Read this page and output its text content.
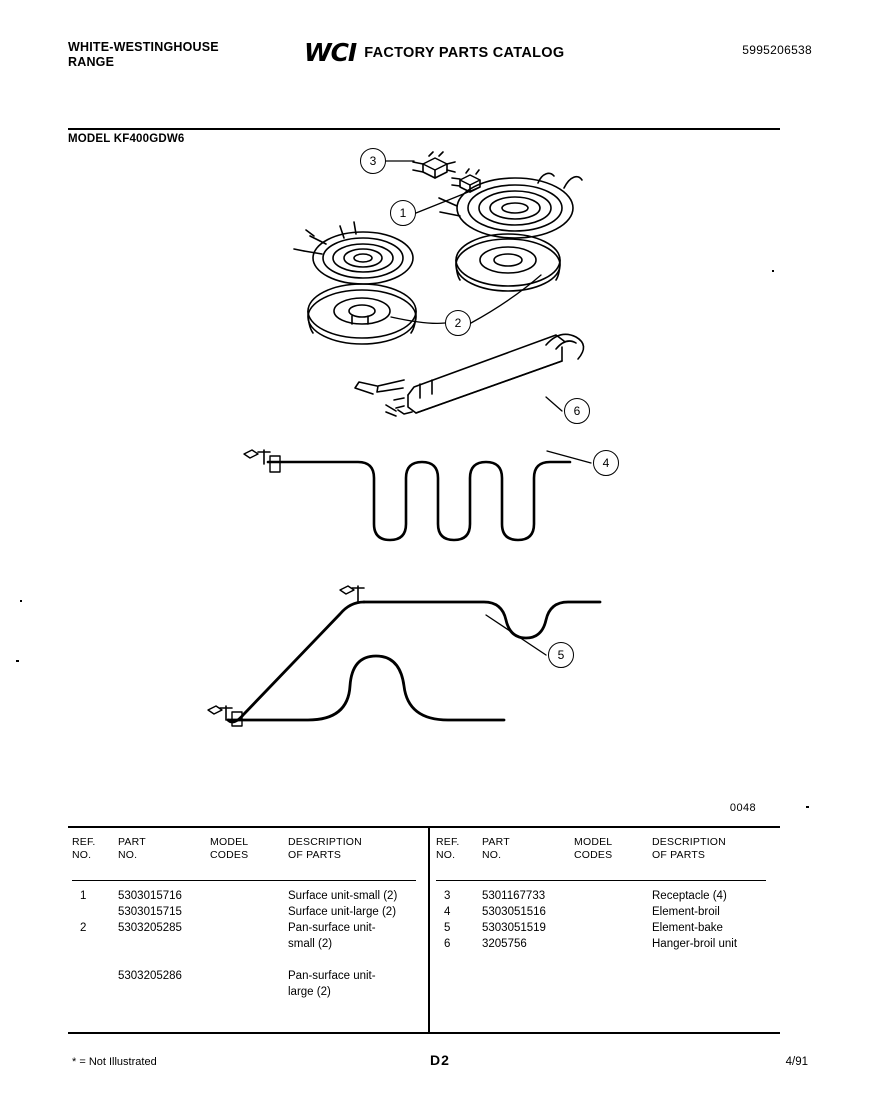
WHITE-WESTINGHOUSE
RANGE	WCI FACTORY PARTS CATALOG	5995206538
MODEL KF400GDW6
3
1
2
6
4
5
0048
REF.
NO.
PART
NO.
MODEL
CODES
DESCRIPTION
OF PARTS
REF.
NO.
PART
NO.
MODEL
CODES
DESCRIPTION
OF PARTS
1	5303015716	Surface unit-small (2)
5303015715	Surface unit-large (2)
2	5303205285	Pan-surface unit-
small (2)
5303205286	Pan-surface unit-
large (2)
3	5301167733	Receptacle (4)
4	5303051516	Element-broil
5	5303051519	Element-bake
6	3205756	Hanger-broil unit
* = Not Illustrated	D2	4/91
